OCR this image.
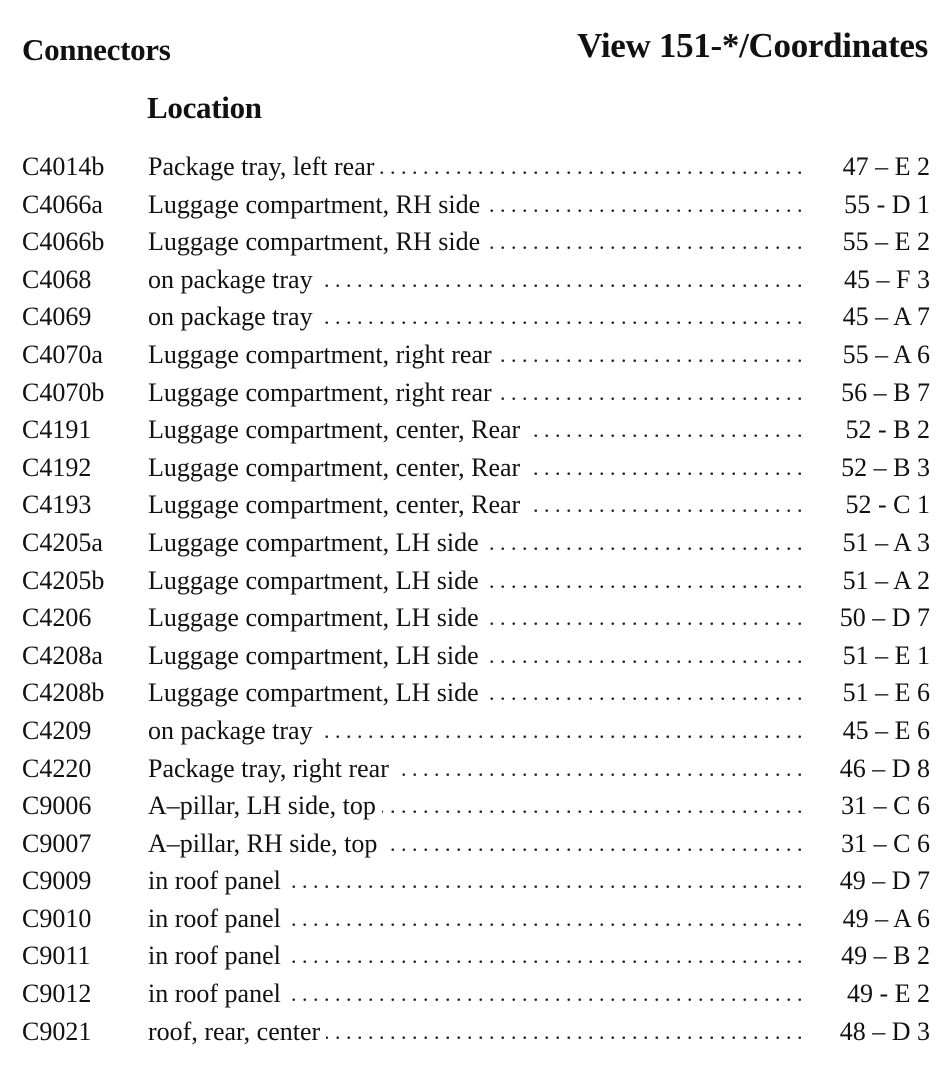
Connectors	View 151-*/Coordinates
Location
C4014b Package tray, left rear . . .	47 – E 2
C4066a Luggage compartment, RH side . . .	55 - D 1
C4066b Luggage compartment, RH side . . .	55 – E 2
C4068 on package tray . . .	45 – F 3
C4069 on package tray . . .	45 – A 7
C4070a Luggage compartment, right rear . . .	55 – A 6
C4070b Luggage compartment, right rear . . .	56 – B 7
C4191 Luggage compartment, center, Rear . . .	52 - B 2
C4192 Luggage compartment, center, Rear . . .	52 – B 3
C4193 Luggage compartment, center, Rear . . .	52 - C 1
C4205a Luggage compartment, LH side . . .	51 – A 3
C4205b Luggage compartment, LH side . . .	51 – A 2
C4206 Luggage compartment, LH side . . .	50 – D 7
C4208a Luggage compartment, LH side . . .	51 – E 1
C4208b Luggage compartment, LH side . . .	51 – E 6
C4209 on package tray . . .	45 – E 6
C4220 Package tray, right rear . . .	46 – D 8
C9006 A–pillar, LH side, top . . .	31 – C 6
C9007 A–pillar, RH side, top . . .	31 – C 6
C9009 in roof panel . . .	49 – D 7
C9010 in roof panel . . .	49 – A 6
C9011 in roof panel . . .	49 – B 2
C9012 in roof panel . . .	49 - E 2
C9021 roof, rear, center . . .	48 – D 3
